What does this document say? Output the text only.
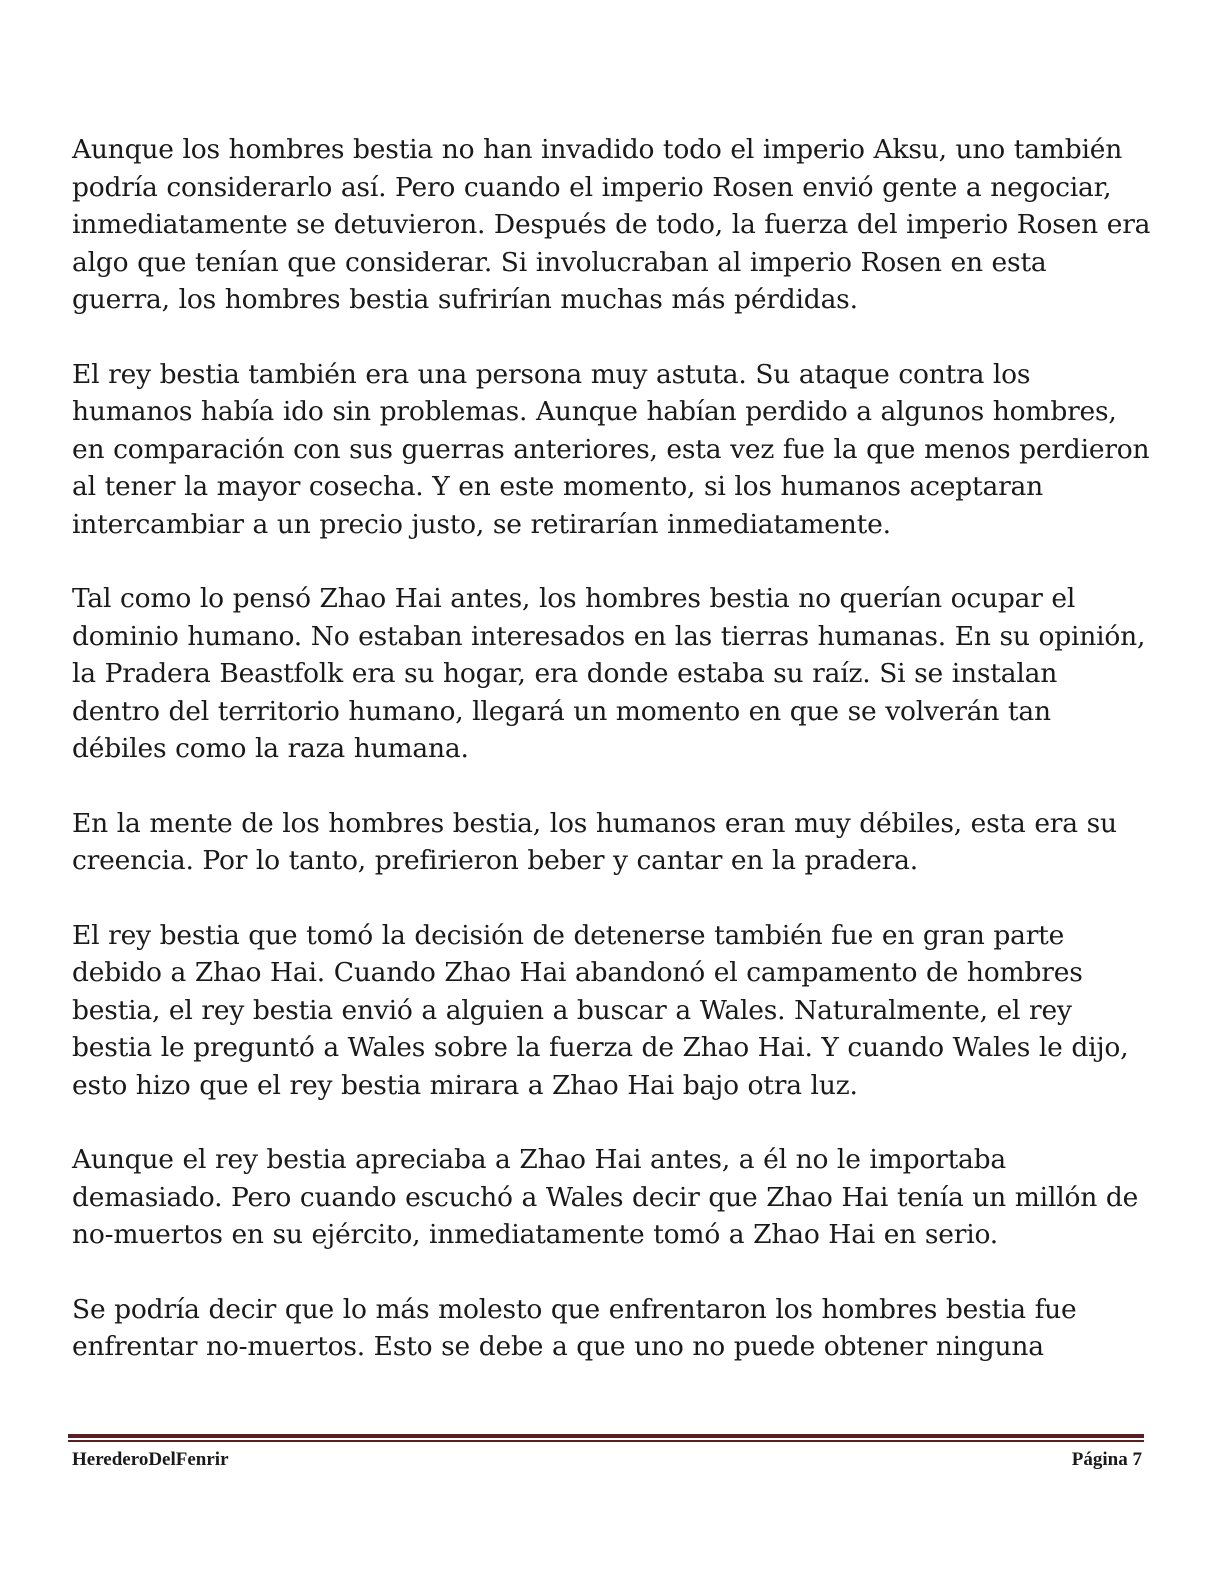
Aunque los hombres bestia no han invadido todo el imperio Aksu, uno también podría considerarlo así. Pero cuando el imperio Rosen envió gente a negociar, inmediatamente se detuvieron. Después de todo, la fuerza del imperio Rosen era algo que tenían que considerar. Si involucraban al imperio Rosen en esta guerra, los hombres bestia sufrirían muchas más pérdidas.

El rey bestia también era una persona muy astuta. Su ataque contra los humanos había ido sin problemas. Aunque habían perdido a algunos hombres, en comparación con sus guerras anteriores, esta vez fue la que menos perdieron al tener la mayor cosecha. Y en este momento, si los humanos aceptaran intercambiar a un precio justo, se retirarían inmediatamente.

Tal como lo pensó Zhao Hai antes, los hombres bestia no querían ocupar el dominio humano. No estaban interesados en las tierras humanas. En su opinión, la Pradera Beastfolk era su hogar, era donde estaba su raíz. Si se instalan dentro del territorio humano, llegará un momento en que se volverán tan débiles como la raza humana.

En la mente de los hombres bestia, los humanos eran muy débiles, esta era su creencia. Por lo tanto, prefirieron beber y cantar en la pradera.

El rey bestia que tomó la decisión de detenerse también fue en gran parte debido a Zhao Hai. Cuando Zhao Hai abandonó el campamento de hombres bestia, el rey bestia envió a alguien a buscar a Wales. Naturalmente, el rey bestia le preguntó a Wales sobre la fuerza de Zhao Hai. Y cuando Wales le dijo, esto hizo que el rey bestia mirara a Zhao Hai bajo otra luz.

Aunque el rey bestia apreciaba a Zhao Hai antes, a él no le importaba demasiado. Pero cuando escuchó a Wales decir que Zhao Hai tenía un millón de no-muertos en su ejército, inmediatamente tomó a Zhao Hai en serio.

Se podría decir que lo más molesto que enfrentaron los hombres bestia fue enfrentar no-muertos. Esto se debe a que uno no puede obtener ninguna

HerederoDelFenrir	Página 7
